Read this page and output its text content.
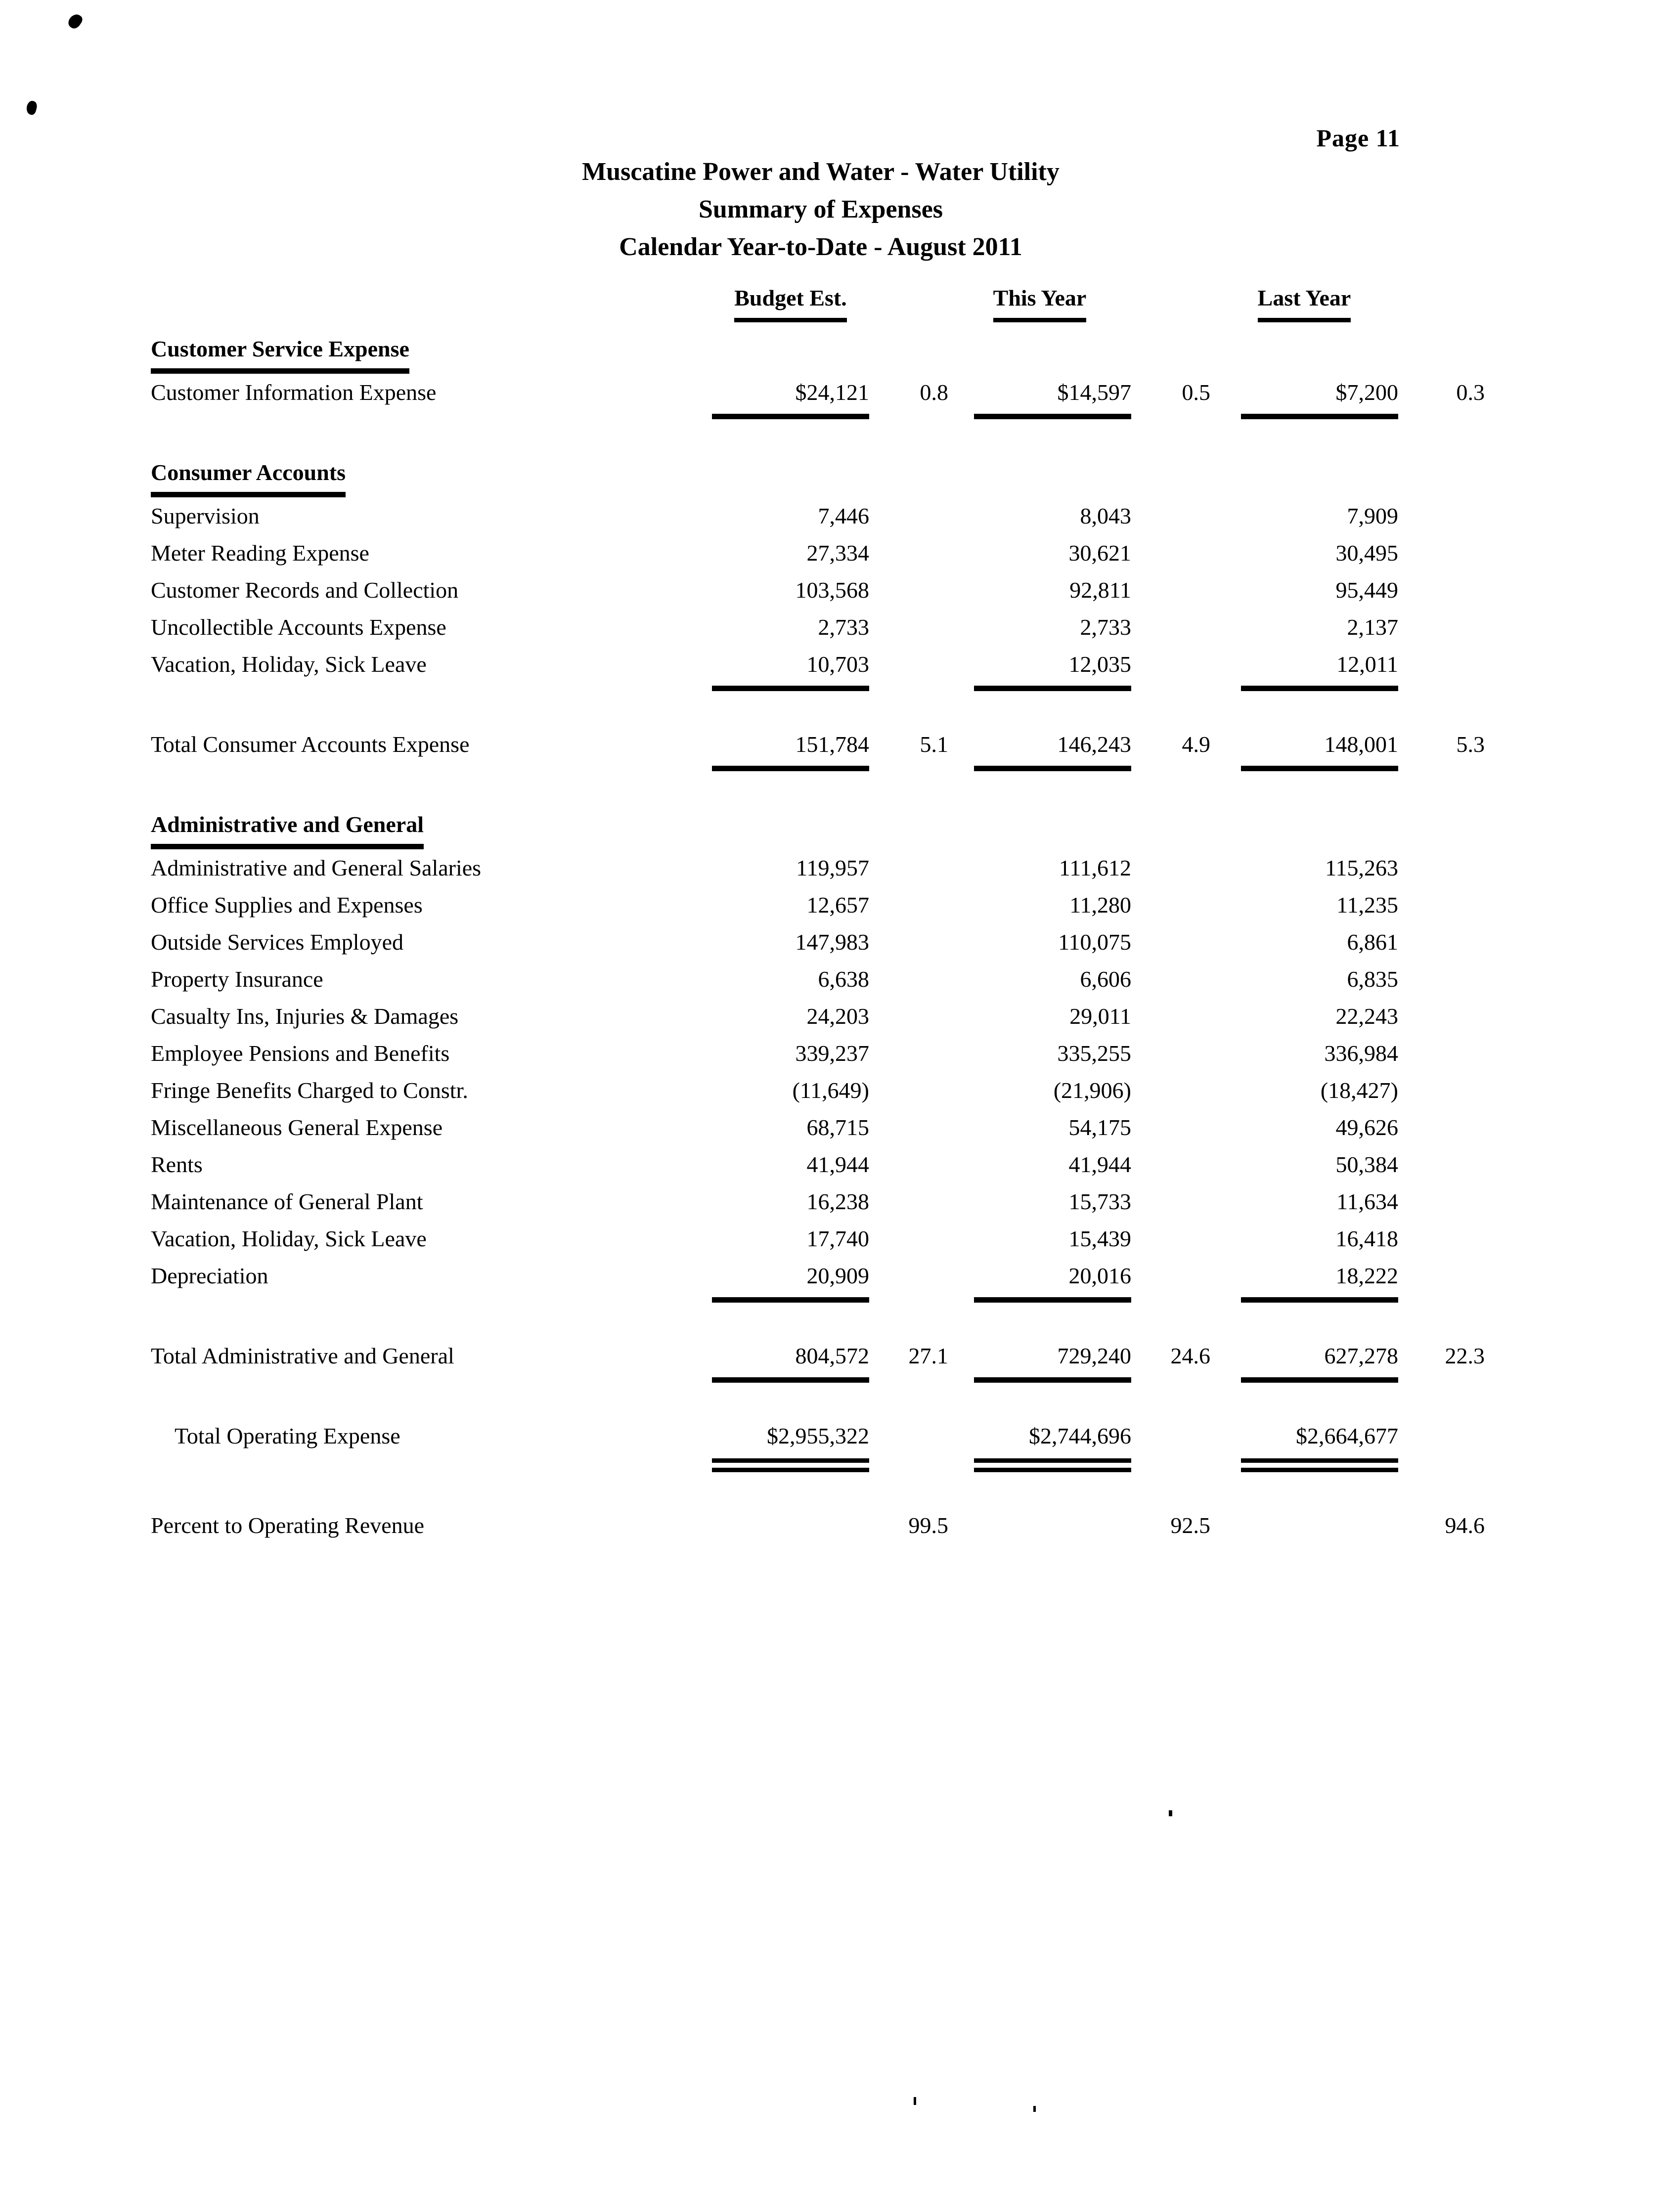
Page 11
Muscatine Power and Water - Water Utility
Summary of Expenses
Calendar Year-to-Date - August 2011
	Budget Est.		This Year		Last Year	
Customer Service Expense						
Customer Information Expense	$24,121	0.8	$14,597	0.5	$7,200	0.3

Consumer Accounts						
Supervision	7,446		8,043		7,909	
Meter Reading Expense	27,334		30,621		30,495	
Customer Records and Collection	103,568		92,811		95,449	
Uncollectible Accounts Expense	2,733		2,733		2,137	
Vacation, Holiday, Sick Leave	10,703		12,035		12,011	

Total Consumer Accounts Expense	151,784	5.1	146,243	4.9	148,001	5.3

Administrative and General						
Administrative and General Salaries	119,957		111,612		115,263	
Office Supplies and Expenses	12,657		11,280		11,235	
Outside Services Employed	147,983		110,075		6,861	
Property Insurance	6,638		6,606		6,835	
Casualty Ins, Injuries & Damages	24,203		29,011		22,243	
Employee Pensions and Benefits	339,237		335,255		336,984	
Fringe Benefits Charged to Constr.	(11,649)		(21,906)		(18,427)	
Miscellaneous General Expense	68,715		54,175		49,626	
Rents	41,944		41,944		50,384	
Maintenance of General Plant	16,238		15,733		11,634	
Vacation, Holiday, Sick Leave	17,740		15,439		16,418	
Depreciation	20,909		20,016		18,222	

Total Administrative and General	804,572	27.1	729,240	24.6	627,278	22.3

Total Operating Expense	$2,955,322		$2,744,696		$2,664,677	

Percent to Operating Revenue		99.5		92.5		94.6
